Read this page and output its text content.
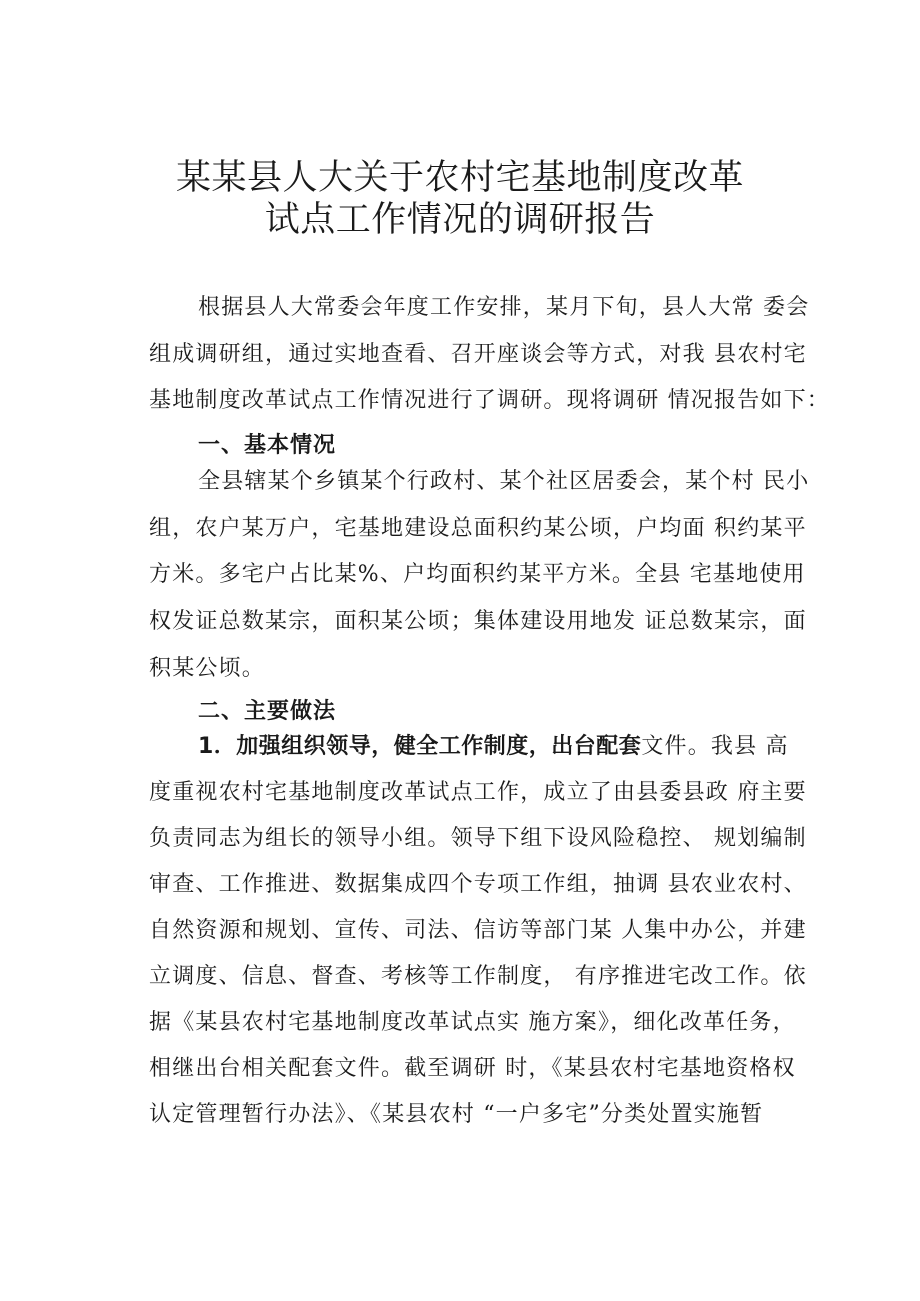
某某县人大关于农村宅基地制度改革
试点工作情况的调研报告
根据县人大常委会年度工作安排，某月下旬，县人大常 委会
组成调研组，通过实地查看、召开座谈会等方式，对我 县农村宅
基地制度改革试点工作情况进行了调研。现将调研 情况报告如下：
一、基本情况
全县辖某个乡镇某个行政村、某个社区居委会，某个村 民小
组，农户某万户，宅基地建设总面积约某公顷，户均面 积约某平
方米。多宅户占比某%、户均面积约某平方米。全县 宅基地使用
权发证总数某宗，面积某公顷；集体建设用地发 证总数某宗，面
积某公顷。
二、主要做法
1．加强组织领导，健全工作制度，出台配套文件。我县 高
度重视农村宅基地制度改革试点工作，成立了由县委县政 府主要
负责同志为组长的领导小组。领导下组下设风险稳控、 规划编制
审查、工作推进、数据集成四个专项工作组，抽调 县农业农村、
自然资源和规划、宣传、司法、信访等部门某 人集中办公，并建
立调度、信息、督查、考核等工作制度， 有序推进宅改工作。依
据《某县农村宅基地制度改革试点实 施方案》，细化改革任务，
相继出台相关配套文件。截至调研 时，《某县农村宅基地资格权
认定管理暂行办法》、《某县农村 “一户多宅”分类处置实施暂
